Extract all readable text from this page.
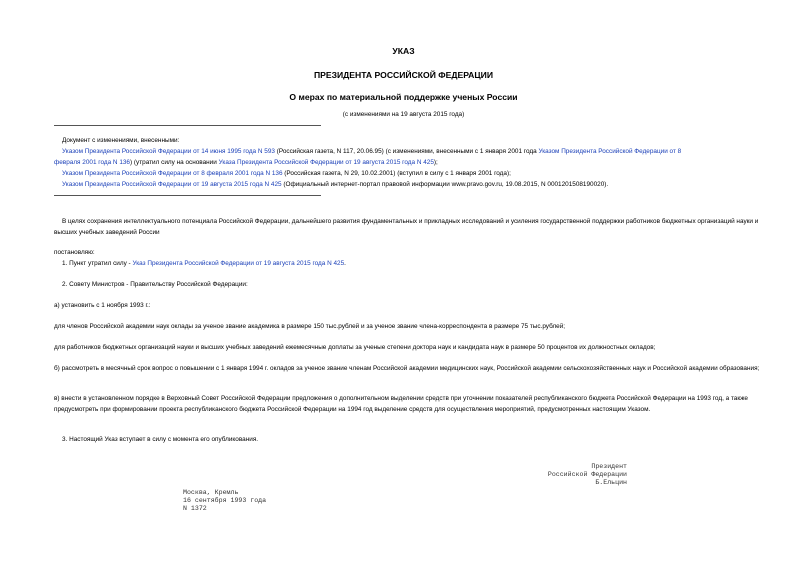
УКАЗ
ПРЕЗИДЕНТА РОССИЙСКОЙ ФЕДЕРАЦИИ
О мерах по материальной поддержке ученых России
(с изменениями на 19 августа 2015 года)
Документ с изменениями, внесенными:
Указом Президента Российской Федерации от 14 июня 1995 года N 593 (Российская газета, N 117, 20.06.95) (с изменениями, внесенными с 1 января 2001 года Указом Президента Российской Федерации от 8
февраля 2001 года N 136) (утратил силу на основании Указа Президента Российской Федерации от 19 августа 2015 года N 425);
Указом Президента Российской Федерации от 8 февраля 2001 года N 136 (Российская газета, N 29, 10.02.2001) (вступил в силу с 1 января 2001 года);
Указом Президента Российской Федерации от 19 августа 2015 года N 425 (Официальный интернет-портал правовой информации www.pravo.gov.ru, 19.08.2015, N 0001201508190020).
В целях сохранения интеллектуального потенциала Российской Федерации, дальнейшего развития фундаментальных и прикладных исследований и усиления государственной поддержки работников бюджетных организаций науки и высших учебных заведений России
постановляю:
1. Пункт утратил силу - Указ Президента Российской Федерации от 19 августа 2015 года N 425.
2. Совету Министров - Правительству Российской Федерации:
а) установить с 1 ноября 1993 г.:
для членов Российской академии наук оклады за ученое звание академика в размере 150 тыс.рублей и за ученое звание члена-корреспондента в размере 75 тыс.рублей;
для работников бюджетных организаций науки и высших учебных заведений ежемесячные доплаты за ученые степени доктора наук и кандидата наук в размере 50 процентов их должностных окладов;
б) рассмотреть в месячный срок вопрос о повышении с 1 января 1994 г. окладов за ученое звание членам Российской академии медицинских наук, Российской академии сельскохозяйственных наук и Российской академии образования;
в) внести в установленном порядке в Верховный Совет Российской Федерации предложения о дополнительном выделении средств при уточнении показателей республиканского бюджета Российской Федерации на 1993 год, а также предусмотреть при формировании проекта республиканского бюджета Российской Федерации на 1994 год выделение средств для осуществления мероприятий, предусмотренных настоящим Указом.
3. Настоящий Указ вступает в силу с момента его опубликования.
Президент
Российской Федерации
Б.Ельцин
Москва, Кремль
16 сентября 1993 года
N 1372
